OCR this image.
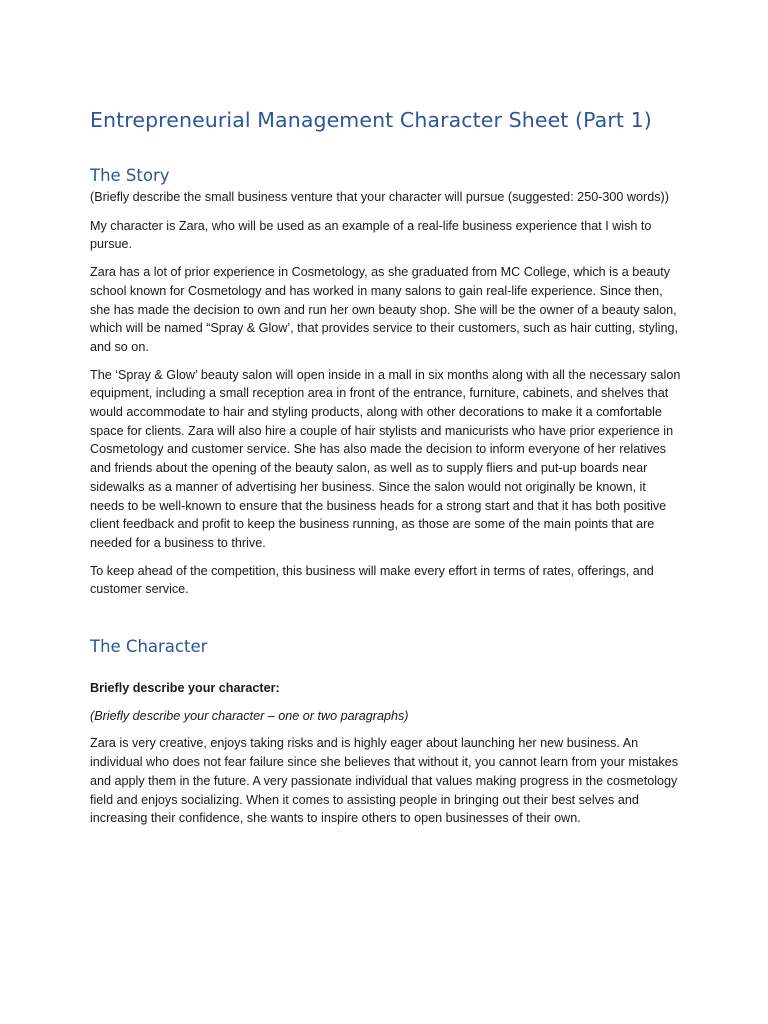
Entrepreneurial Management Character Sheet (Part 1)
The Story

(Briefly describe the small business venture that your character will pursue (suggested: 250-300 words))

My character is Zara, who will be used as an example of a real-life business experience that I wish to pursue.

Zara has a lot of prior experience in Cosmetology, as she graduated from MC College, which is a beauty school known for Cosmetology and has worked in many salons to gain real-life experience. Since then, she has made the decision to own and run her own beauty shop. She will be the owner of a beauty salon, which will be named “Spray & Glow’, that provides service to their customers, such as hair cutting, styling, and so on.

The ‘Spray & Glow’ beauty salon will open inside in a mall in six months along with all the necessary salon equipment, including a small reception area in front of the entrance, furniture, cabinets, and shelves that would accommodate to hair and styling products, along with other decorations to make it a comfortable space for clients. Zara will also hire a couple of hair stylists and manicurists who have prior experience in Cosmetology and customer service. She has also made the decision to inform everyone of her relatives and friends about the opening of the beauty salon, as well as to supply fliers and put-up boards near sidewalks as a manner of advertising her business. Since the salon would not originally be known, it needs to be well-known to ensure that the business heads for a strong start and that it has both positive client feedback and profit to keep the business running, as those are some of the main points that are needed for a business to thrive.

To keep ahead of the competition, this business will make every effort in terms of rates, offerings, and customer service.

The Character

Briefly describe your character:

(Briefly describe your character – one or two paragraphs)

Zara is very creative, enjoys taking risks and is highly eager about launching her new business. An individual who does not fear failure since she believes that without it, you cannot learn from your mistakes and apply them in the future. A very passionate individual that values making progress in the cosmetology field and enjoys socializing. When it comes to assisting people in bringing out their best selves and increasing their confidence, she wants to inspire others to open businesses of their own.
